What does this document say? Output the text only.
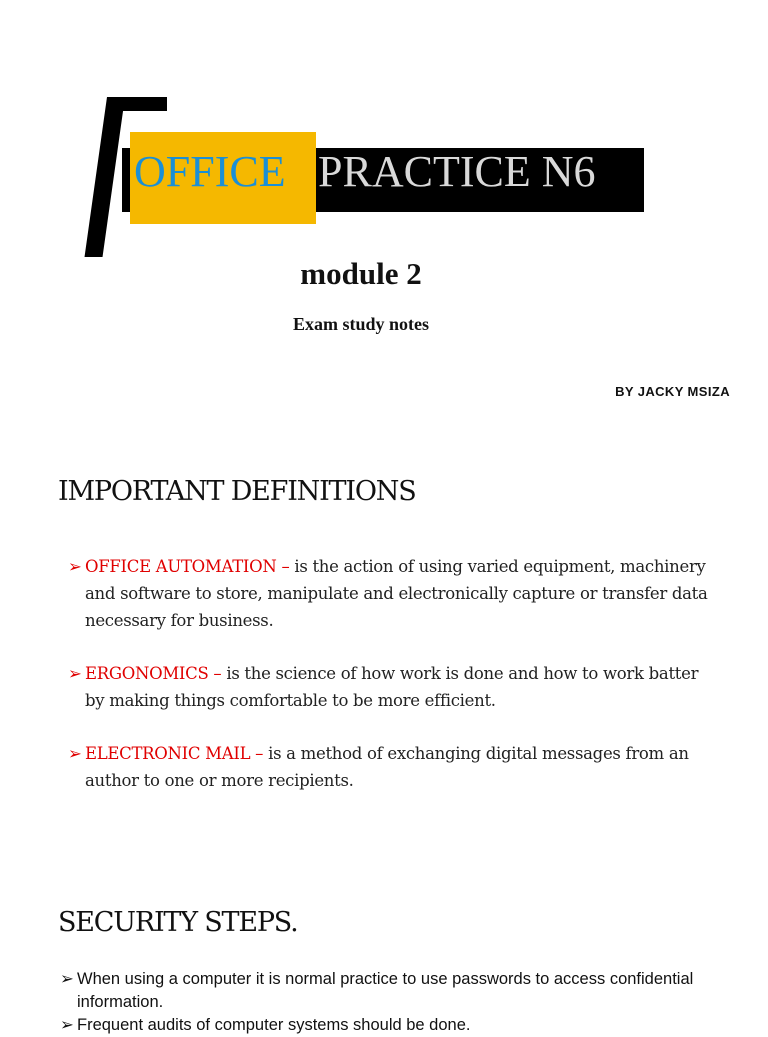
OFFICE PRACTICE N6
module 2
Exam study notes
BY JACKY MSIZA
IMPORTANT DEFINITIONS
➢ OFFICE AUTOMATION – is the action of using varied equipment, machinery and software to store, manipulate and electronically capture or transfer data necessary for business.
➢ ERGONOMICS – is the science of how work is done and how to work batter by making things comfortable to be more efficient.
➢ ELECTRONIC MAIL – is a method of exchanging digital messages from an author to one or more recipients.
SECURITY STEPS.
➢ When using a computer it is normal practice to use passwords to access confidential information.
➢ Frequent audits of computer systems should be done.
